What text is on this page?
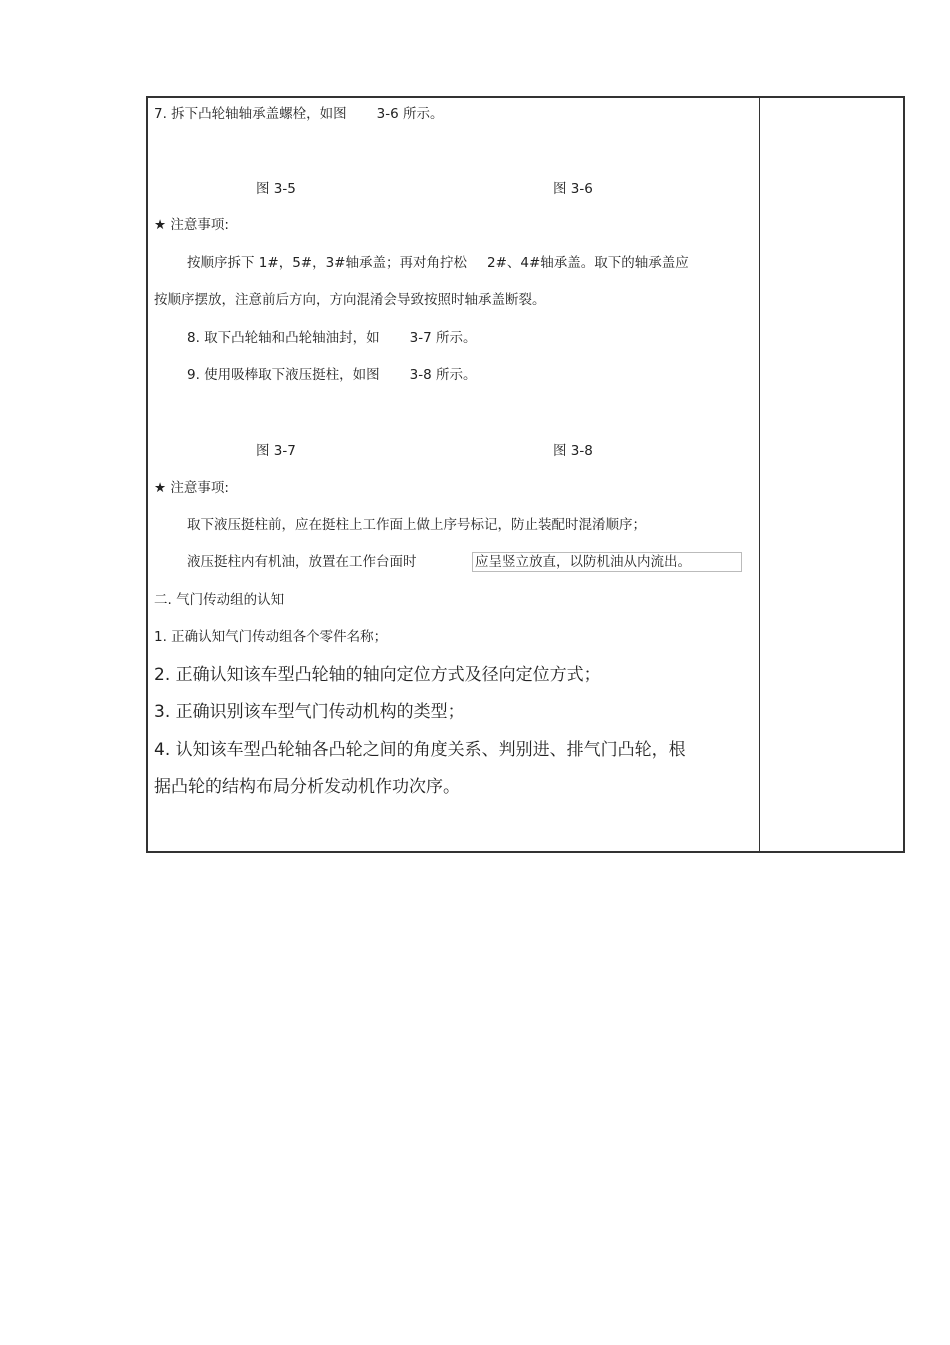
7. 拆下凸轮轴轴承盖螺栓，如图 3-6 所示。
图 3-5	图 3-6
★ 注意事项:
按顺序拆下 1#，5#，3#轴承盖；再对角拧松 2#、4#轴承盖。取下的轴承盖应
按顺序摆放，注意前后方向，方向混淆会导致按照时轴承盖断裂。
8. 取下凸轮轴和凸轮轴油封，如 3-7 所示。
9. 使用吸棒取下液压挺柱，如图 3-8 所示。
图 3-7	图 3-8
★ 注意事项:
取下液压挺柱前，应在挺柱上工作面上做上序号标记，防止装配时混淆顺序；
液压挺柱内有机油，放置在工作台面时	应呈竖立放直，以防机油从内流出。
二. 气门传动组的认知
1. 正确认知气门传动组各个零件名称；
2. 正确认知该车型凸轮轴的轴向定位方式及径向定位方式；
3. 正确识别该车型气门传动机构的类型；
4. 认知该车型凸轮轴各凸轮之间的角度关系、判别进、排气门凸轮，根
据凸轮的结构布局分析发动机作功次序。
